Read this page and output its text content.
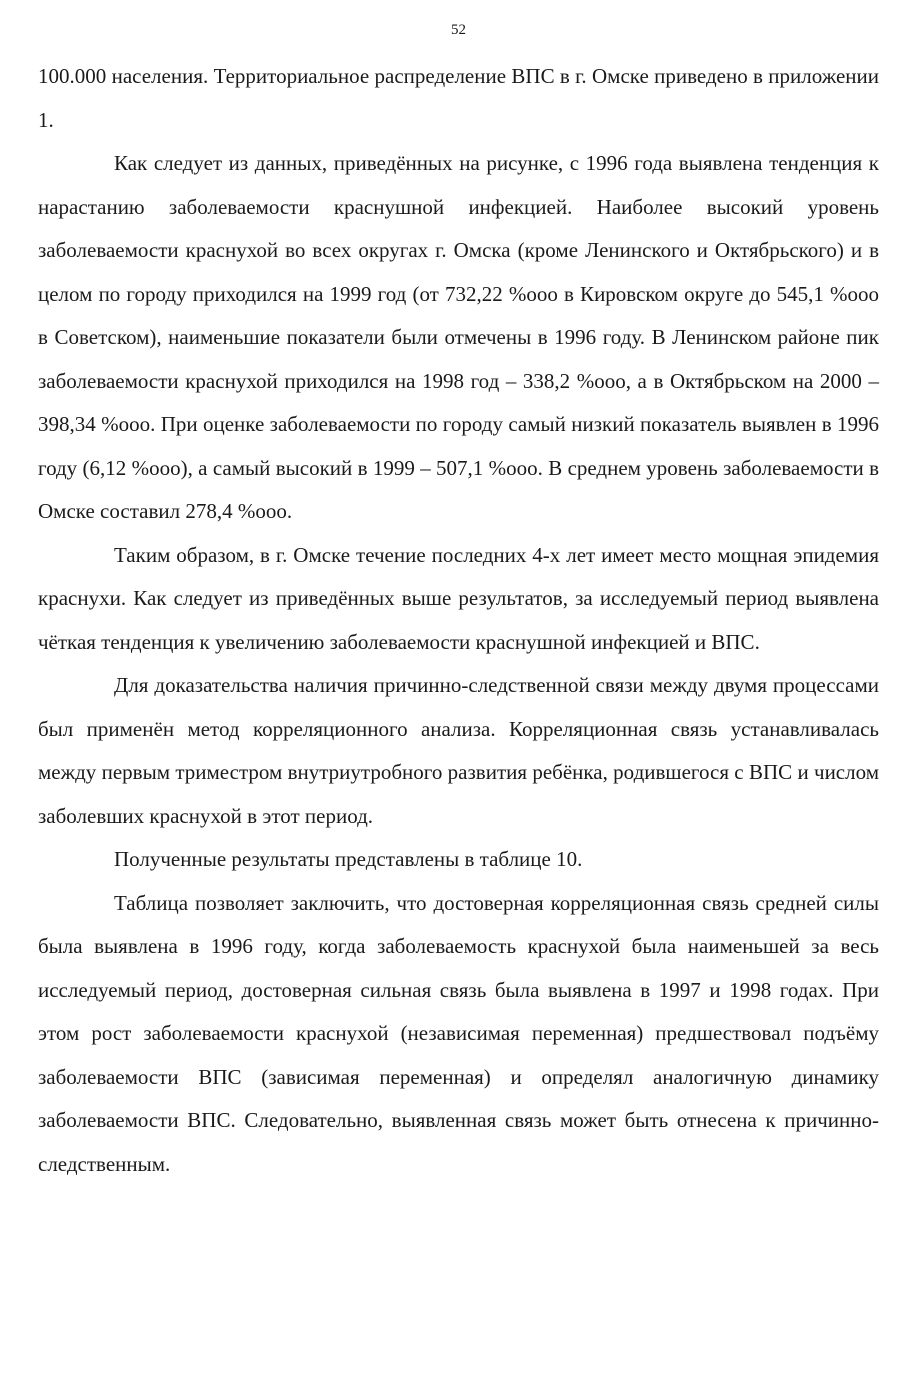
52

100.000 населения. Территориальное распределение ВПС в г. Омске приведено в приложении 1.

Как следует из данных, приведённых на рисунке, с 1996 года выявлена тенденция к нарастанию заболеваемости краснушной инфекцией. Наиболее высокий уровень заболеваемости краснухой во всех округах г. Омска (кроме Ленинского и Октябрьского) и в целом по городу приходился на 1999 год (от 732,22 %ооо в Кировском округе до 545,1 %ооо в Советском), наименьшие показатели были отмечены в 1996 году. В Ленинском районе пик заболеваемости краснухой приходился на 1998 год – 338,2 %ооо, а в Октябрьском на 2000 – 398,34 %ооо. При оценке заболеваемости по городу самый низкий показатель выявлен в 1996 году (6,12 %ооо), а самый высокий в 1999 – 507,1 %ооо. В среднем уровень заболеваемости в Омске составил 278,4 %ооо.

Таким образом, в г. Омске течение последних 4-х лет имеет место мощная эпидемия краснухи. Как следует из приведённых выше результатов, за исследуемый период выявлена чёткая тенденция к увеличению заболеваемости краснушной инфекцией и ВПС.

Для доказательства наличия причинно-следственной связи между двумя процессами был применён метод корреляционного анализа. Корреляционная связь устанавливалась между первым триместром внутриутробного развития ребёнка, родившегося с ВПС и числом заболевших краснухой в этот период.

Полученные результаты представлены в таблице 10.

Таблица позволяет заключить, что достоверная корреляционная связь средней силы была выявлена в 1996 году, когда заболеваемость краснухой была наименьшей за весь исследуемый период, достоверная сильная связь была выявлена в 1997 и 1998 годах. При этом рост заболеваемости краснухой (независимая переменная) предшествовал подъёму заболеваемости ВПС (зависимая переменная) и определял аналогичную динамику заболеваемости ВПС. Следовательно, выявленная связь может быть отнесена к причинно-следственным.
